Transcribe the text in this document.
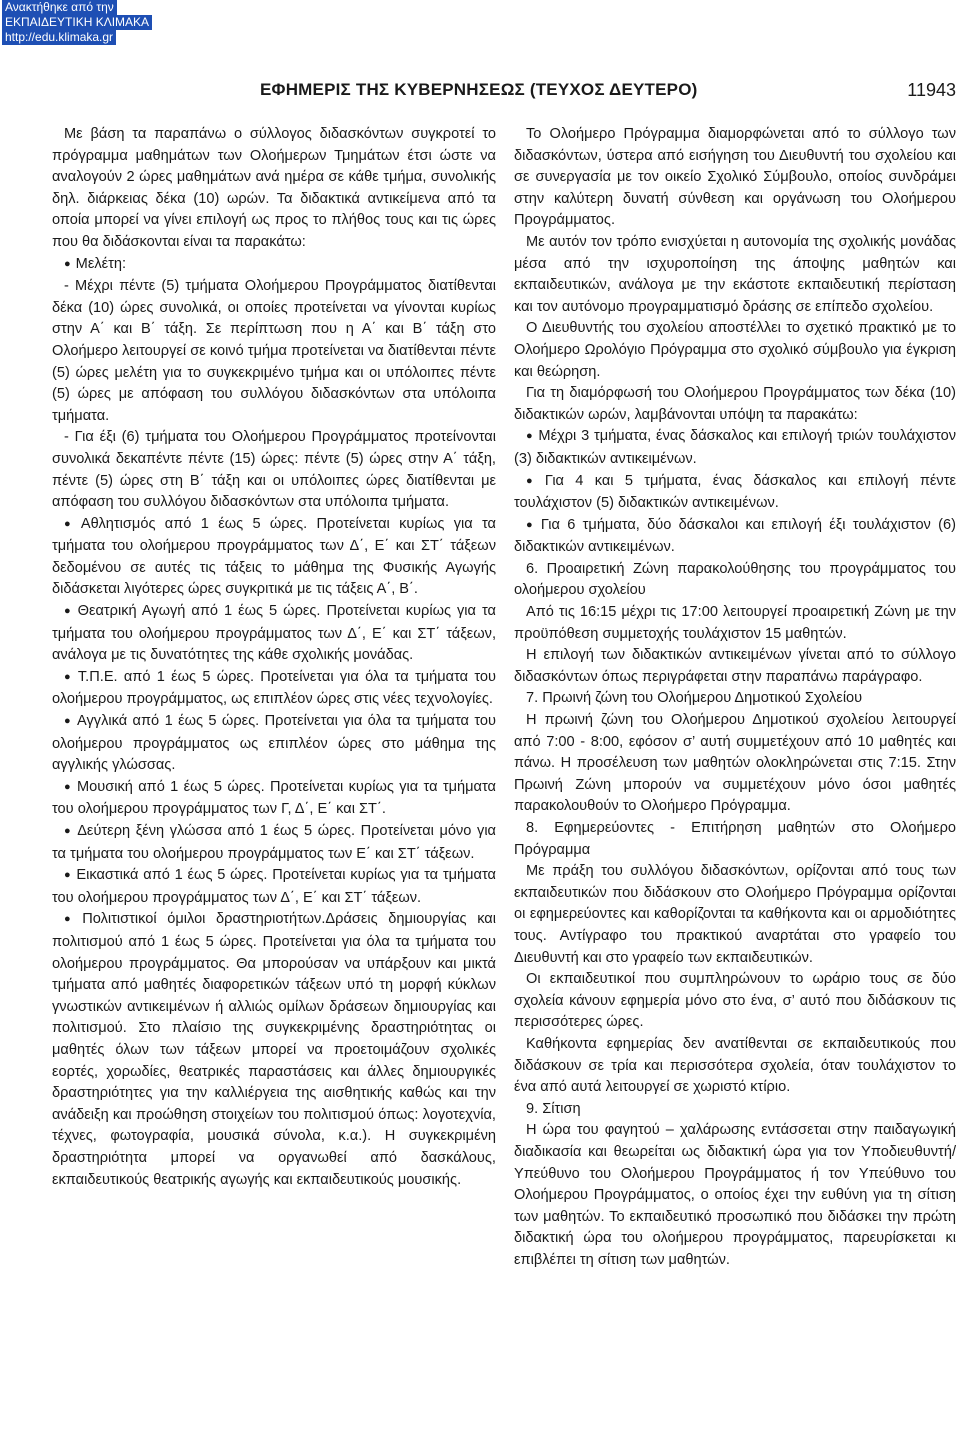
Ανακτήθηκε από την
ΕΚΠΑΙΔΕΥΤΙΚΗ ΚΛΙΜΑΚΑ
http://edu.klimaka.gr
ΕΦΗΜΕΡΙΣ ΤΗΣ ΚΥΒΕΡΝΗΣΕΩΣ (ΤΕΥΧΟΣ ΔΕΥΤΕΡΟ)	11943

Με βάση τα παραπάνω ο σύλλογος διδασκόντων συγκροτεί το πρόγραμμα μαθημάτων των Ολοήμερων Τμημάτων έτσι ώστε να αναλογούν 2 ώρες μαθημάτων ανά ημέρα σε κάθε τμήμα, συνολικής δηλ. διάρκειας δέκα (10) ωρών. Τα διδακτικά αντικείμενα από τα οποία μπορεί να γίνει επιλογή ως προς το πλήθος τους και τις ώρες που θα διδάσκονται είναι τα παρακάτω:

● Μελέτη:

- Μέχρι πέντε (5) τμήματα Ολοήμερου Προγράμματος διατίθενται δέκα (10) ώρες συνολικά, οι οποίες προτείνεται να γίνονται κυρίως στην Α΄ και Β΄ τάξη. Σε περίπτωση που η Α΄ και Β΄ τάξη στο Ολοήμερο λειτουργεί σε κοινό τμήμα προτείνεται να διατίθενται πέντε (5) ώρες μελέτη για το συγκεκριμένο τμήμα και οι υπόλοιπες πέντε (5) ώρες με απόφαση του συλλόγου διδασκόντων στα υπόλοιπα τμήματα.

- Για έξι (6) τμήματα του Ολοήμερου Προγράμματος προτείνονται συνολικά δεκαπέντε πέντε (15) ώρες: πέντε (5) ώρες στην Α΄ τάξη, πέντε (5) ώρες στη Β΄ τάξη και οι υπόλοιπες ώρες διατίθενται με απόφαση του συλλόγου διδασκόντων στα υπόλοιπα τμήματα.

● Αθλητισμός από 1 έως 5 ώρες. Προτείνεται κυρίως για τα τμήματα του ολοήμερου προγράμματος των Δ΄, Ε΄ και ΣΤ΄ τάξεων δεδομένου σε αυτές τις τάξεις το μάθημα της Φυσικής Αγωγής διδάσκεται λιγότερες ώρες συγκριτικά με τις τάξεις Α΄, Β΄.

● Θεατρική Αγωγή από 1 έως 5 ώρες. Προτείνεται κυρίως για τα τμήματα του ολοήμερου προγράμματος των Δ΄, Ε΄ και ΣΤ΄ τάξεων, ανάλογα με τις δυνατότητες της κάθε σχολικής μονάδας.

● Τ.Π.Ε. από 1 έως 5 ώρες. Προτείνεται για όλα τα τμήματα του ολοήμερου προγράμματος, ως επιπλέον ώρες στις νέες τεχνολογίες.

● Αγγλικά από 1 έως 5 ώρες. Προτείνεται για όλα τα τμήματα του ολοήμερου προγράμματος ως επιπλέον ώρες στο μάθημα της αγγλικής γλώσσας.

● Μουσική από 1 έως 5 ώρες. Προτείνεται κυρίως για τα τμήματα του ολοήμερου προγράμματος των Γ, Δ΄, Ε΄ και ΣΤ΄.

● Δεύτερη ξένη γλώσσα από 1 έως 5 ώρες. Προτείνεται μόνο για τα τμήματα του ολοήμερου προγράμματος των Ε΄ και ΣΤ΄ τάξεων.

● Εικαστικά από 1 έως 5 ώρες. Προτείνεται κυρίως για τα τμήματα του ολοήμερου προγράμματος των Δ΄, Ε΄ και ΣΤ΄ τάξεων.

● Πολιτιστικοί όμιλοι δραστηριοτήτων.Δράσεις δημιουργίας και πολιτισμού από 1 έως 5 ώρες. Προτείνεται για όλα τα τμήματα του ολοήμερου προγράμματος. Θα μπορούσαν να υπάρξουν και μικτά τμήματα από μαθητές διαφορετικών τάξεων υπό τη μορφή κύκλων γνωστικών αντικειμένων ή αλλιώς ομίλων δράσεων δημιουργίας και πολιτισμού. Στο πλαίσιο της συγκεκριμένης δραστηριότητας οι μαθητές όλων των τάξεων μπορεί να προετοιμάζουν σχολικές εορτές, χορωδίες, θεατρικές παραστάσεις και άλλες δημιουργικές δραστηριότητες για την καλλιέργεια της αισθητικής καθώς και την ανάδειξη και προώθηση στοιχείων του πολιτισμού όπως: λογοτεχνία, τέχνες, φωτογραφία, μουσικά σύνολα, κ.α.). Η συγκεκριμένη δραστηριότητα μπορεί να οργανωθεί από δασκάλους, εκπαιδευτικούς θεατρικής αγωγής και εκπαιδευτικούς μουσικής.

Το Ολοήμερο Πρόγραμμα διαμορφώνεται από το σύλλογο των διδασκόντων, ύστερα από εισήγηση του Διευθυντή του σχολείου και σε συνεργασία με τον οικείο Σχολικό Σύμβουλο, οποίος συνδράμει στην καλύτερη δυνατή σύνθεση και οργάνωση του Ολοήμερου Προγράμματος.

Με αυτόν τον τρόπο ενισχύεται η αυτονομία της σχολικής μονάδας μέσα από την ισχυροποίηση της άποψης μαθητών και εκπαιδευτικών, ανάλογα με την εκάστοτε εκπαιδευτική περίσταση και τον αυτόνομο προγραμματισμό δράσης σε επίπεδο σχολείου.

Ο Διευθυντής του σχολείου αποστέλλει το σχετικό πρακτικό με το Ολοήμερο Ωρολόγιο Πρόγραμμα στο σχολικό σύμβουλο για έγκριση και θεώρηση.

Για τη διαμόρφωσή του Ολοήμερου Προγράμματος των δέκα (10) διδακτικών ωρών, λαμβάνονται υπόψη τα παρακάτω:

● Μέχρι 3 τμήματα, ένας δάσκαλος και επιλογή τριών τουλάχιστον (3) διδακτικών αντικειμένων.

● Για 4 και 5 τμήματα, ένας δάσκαλος και επιλογή πέντε τουλάχιστον (5) διδακτικών αντικειμένων.

● Για 6 τμήματα, δύο δάσκαλοι και επιλογή έξι τουλάχιστον (6) διδακτικών αντικειμένων.

6. Προαιρετική Ζώνη παρακολούθησης του προγράμματος του ολοήμερου σχολείου

Από τις 16:15 μέχρι τις 17:00 λειτουργεί προαιρετική Ζώνη με την προϋπόθεση συμμετοχής τουλάχιστον 15 μαθητών.

Η επιλογή των διδακτικών αντικειμένων γίνεται από το σύλλογο διδασκόντων όπως περιγράφεται στην παραπάνω παράγραφο.

7. Πρωινή ζώνη του Ολοήμερου Δημοτικού Σχολείου

Η πρωινή ζώνη του Ολοήμερου Δημοτικού σχολείου λειτουργεί από 7:00 - 8:00, εφόσον σ’ αυτή συμμετέχουν από 10 μαθητές και πάνω. Η προσέλευση των μαθητών ολοκληρώνεται στις 7:15. Στην Πρωινή Ζώνη μπορούν να συμμετέχουν μόνο όσοι μαθητές παρακολουθούν το Ολοήμερο Πρόγραμμα.

8. Εφημερεύοντες - Επιτήρηση μαθητών στο Ολοήμερο Πρόγραμμα

Με πράξη του συλλόγου διδασκόντων, ορίζονται από τους των εκπαιδευτικών που διδάσκουν στο Ολοήμερο Πρόγραμμα ορίζονται οι εφημερεύοντες και καθορίζονται τα καθήκοντα και οι αρμοδιότητες τους. Αντίγραφο του πρακτικού αναρτάται στο γραφείο του Διευθυντή και στο γραφείο των εκπαιδευτικών.

Οι εκπαιδευτικοί που συμπληρώνουν το ωράριο τους σε δύο σχολεία κάνουν εφημερία μόνο στο ένα, σ’ αυτό που διδάσκουν τις περισσότερες ώρες.

Καθήκοντα εφημερίας δεν ανατίθενται σε εκπαιδευτικούς που διδάσκουν σε τρία και περισσότερα σχολεία, όταν τουλάχιστον το ένα από αυτά λειτουργεί σε χωριστό κτίριο.

9. Σίτιση

Η ώρα του φαγητού – χαλάρωσης εντάσσεται στην παιδαγωγική διαδικασία και θεωρείται ως διδακτική ώρα για τον Υποδιευθυντή/Υπεύθυνο του Ολοήμερου Προγράμματος ή τον Υπεύθυνο του Ολοήμερου Προγράμματος, ο οποίος έχει την ευθύνη για τη σίτιση των μαθητών. Το εκπαιδευτικό προσωπικό που διδάσκει την πρώτη διδακτική ώρα του ολοήμερου προγράμματος, παρευρίσκεται κι επιβλέπει τη σίτιση των μαθητών.
